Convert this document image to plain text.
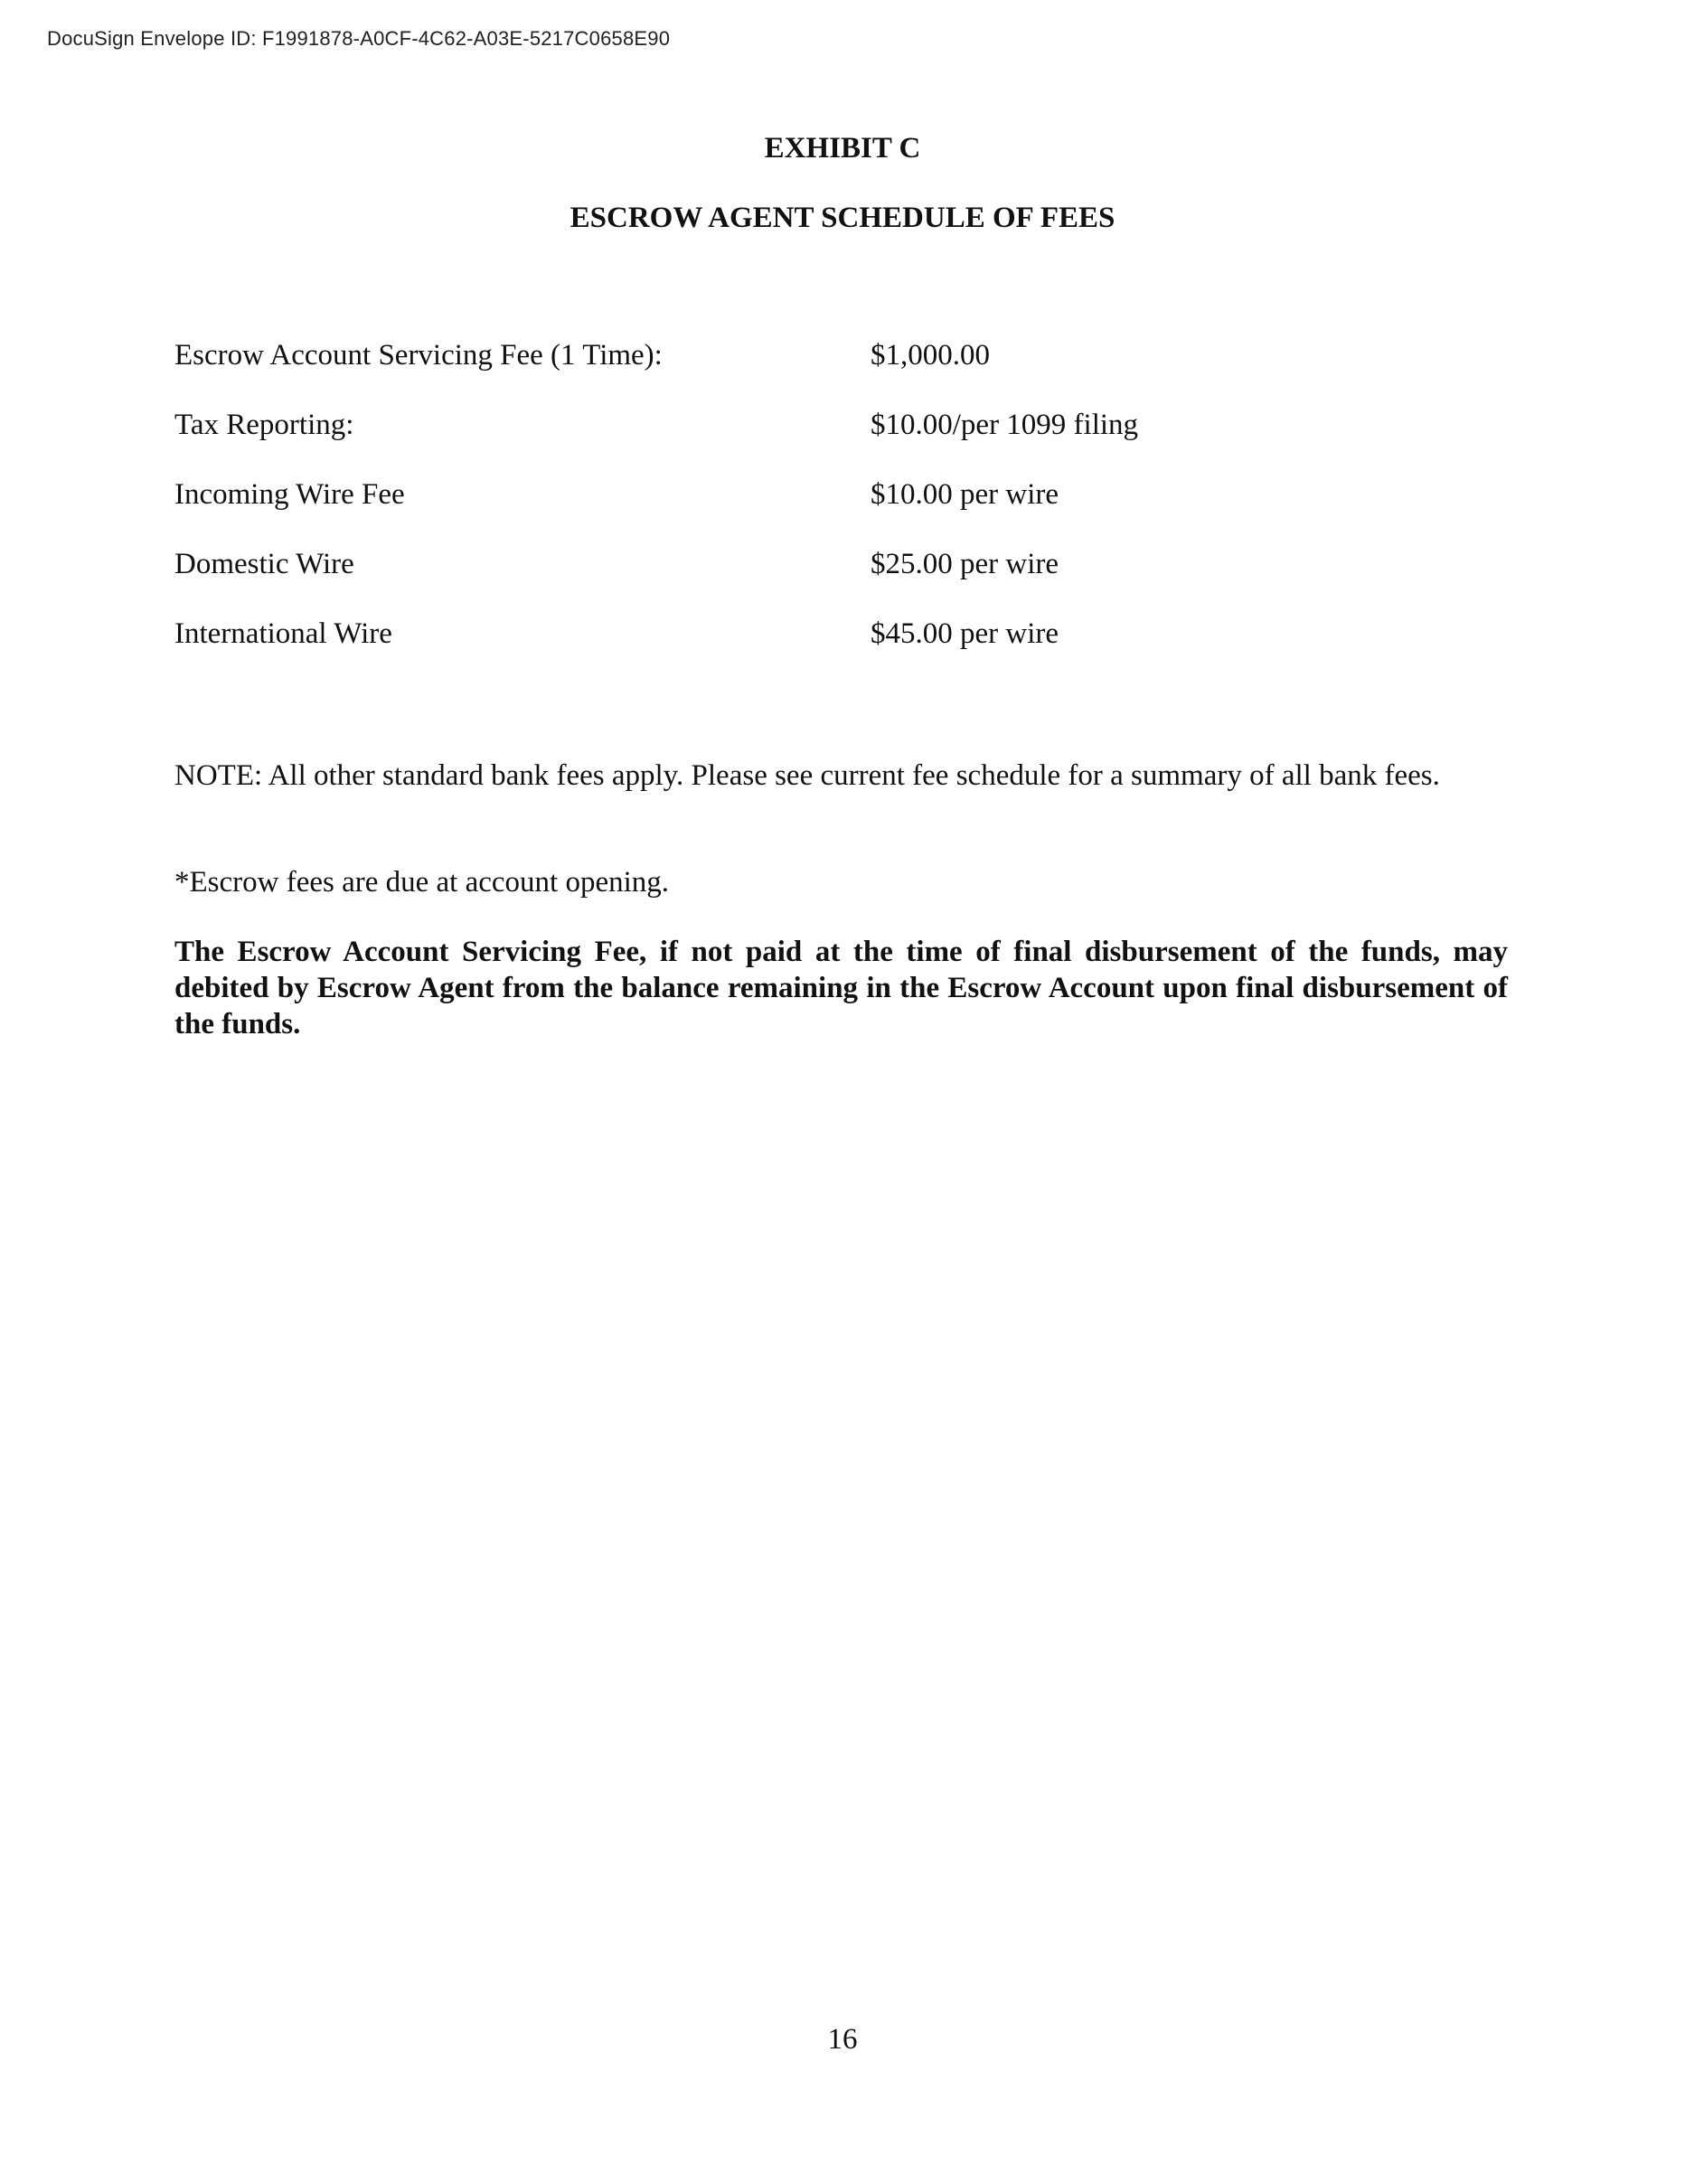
DocuSign Envelope ID: F1991878-A0CF-4C62-A03E-5217C0658E90
EXHIBIT C
ESCROW AGENT SCHEDULE OF FEES
Escrow Account Servicing Fee (1 Time):	$1,000.00
Tax Reporting:	$10.00/per 1099 filing
Incoming Wire Fee	$10.00 per wire
Domestic Wire	$25.00 per wire
International Wire	$45.00 per wire
NOTE: All other standard bank fees apply. Please see current fee schedule for a summary of all bank fees.
*Escrow fees are due at account opening.
The Escrow Account Servicing Fee, if not paid at the time of final disbursement of the funds, may debited by Escrow Agent from the balance remaining in the Escrow Account upon final disbursement of the funds.
16
